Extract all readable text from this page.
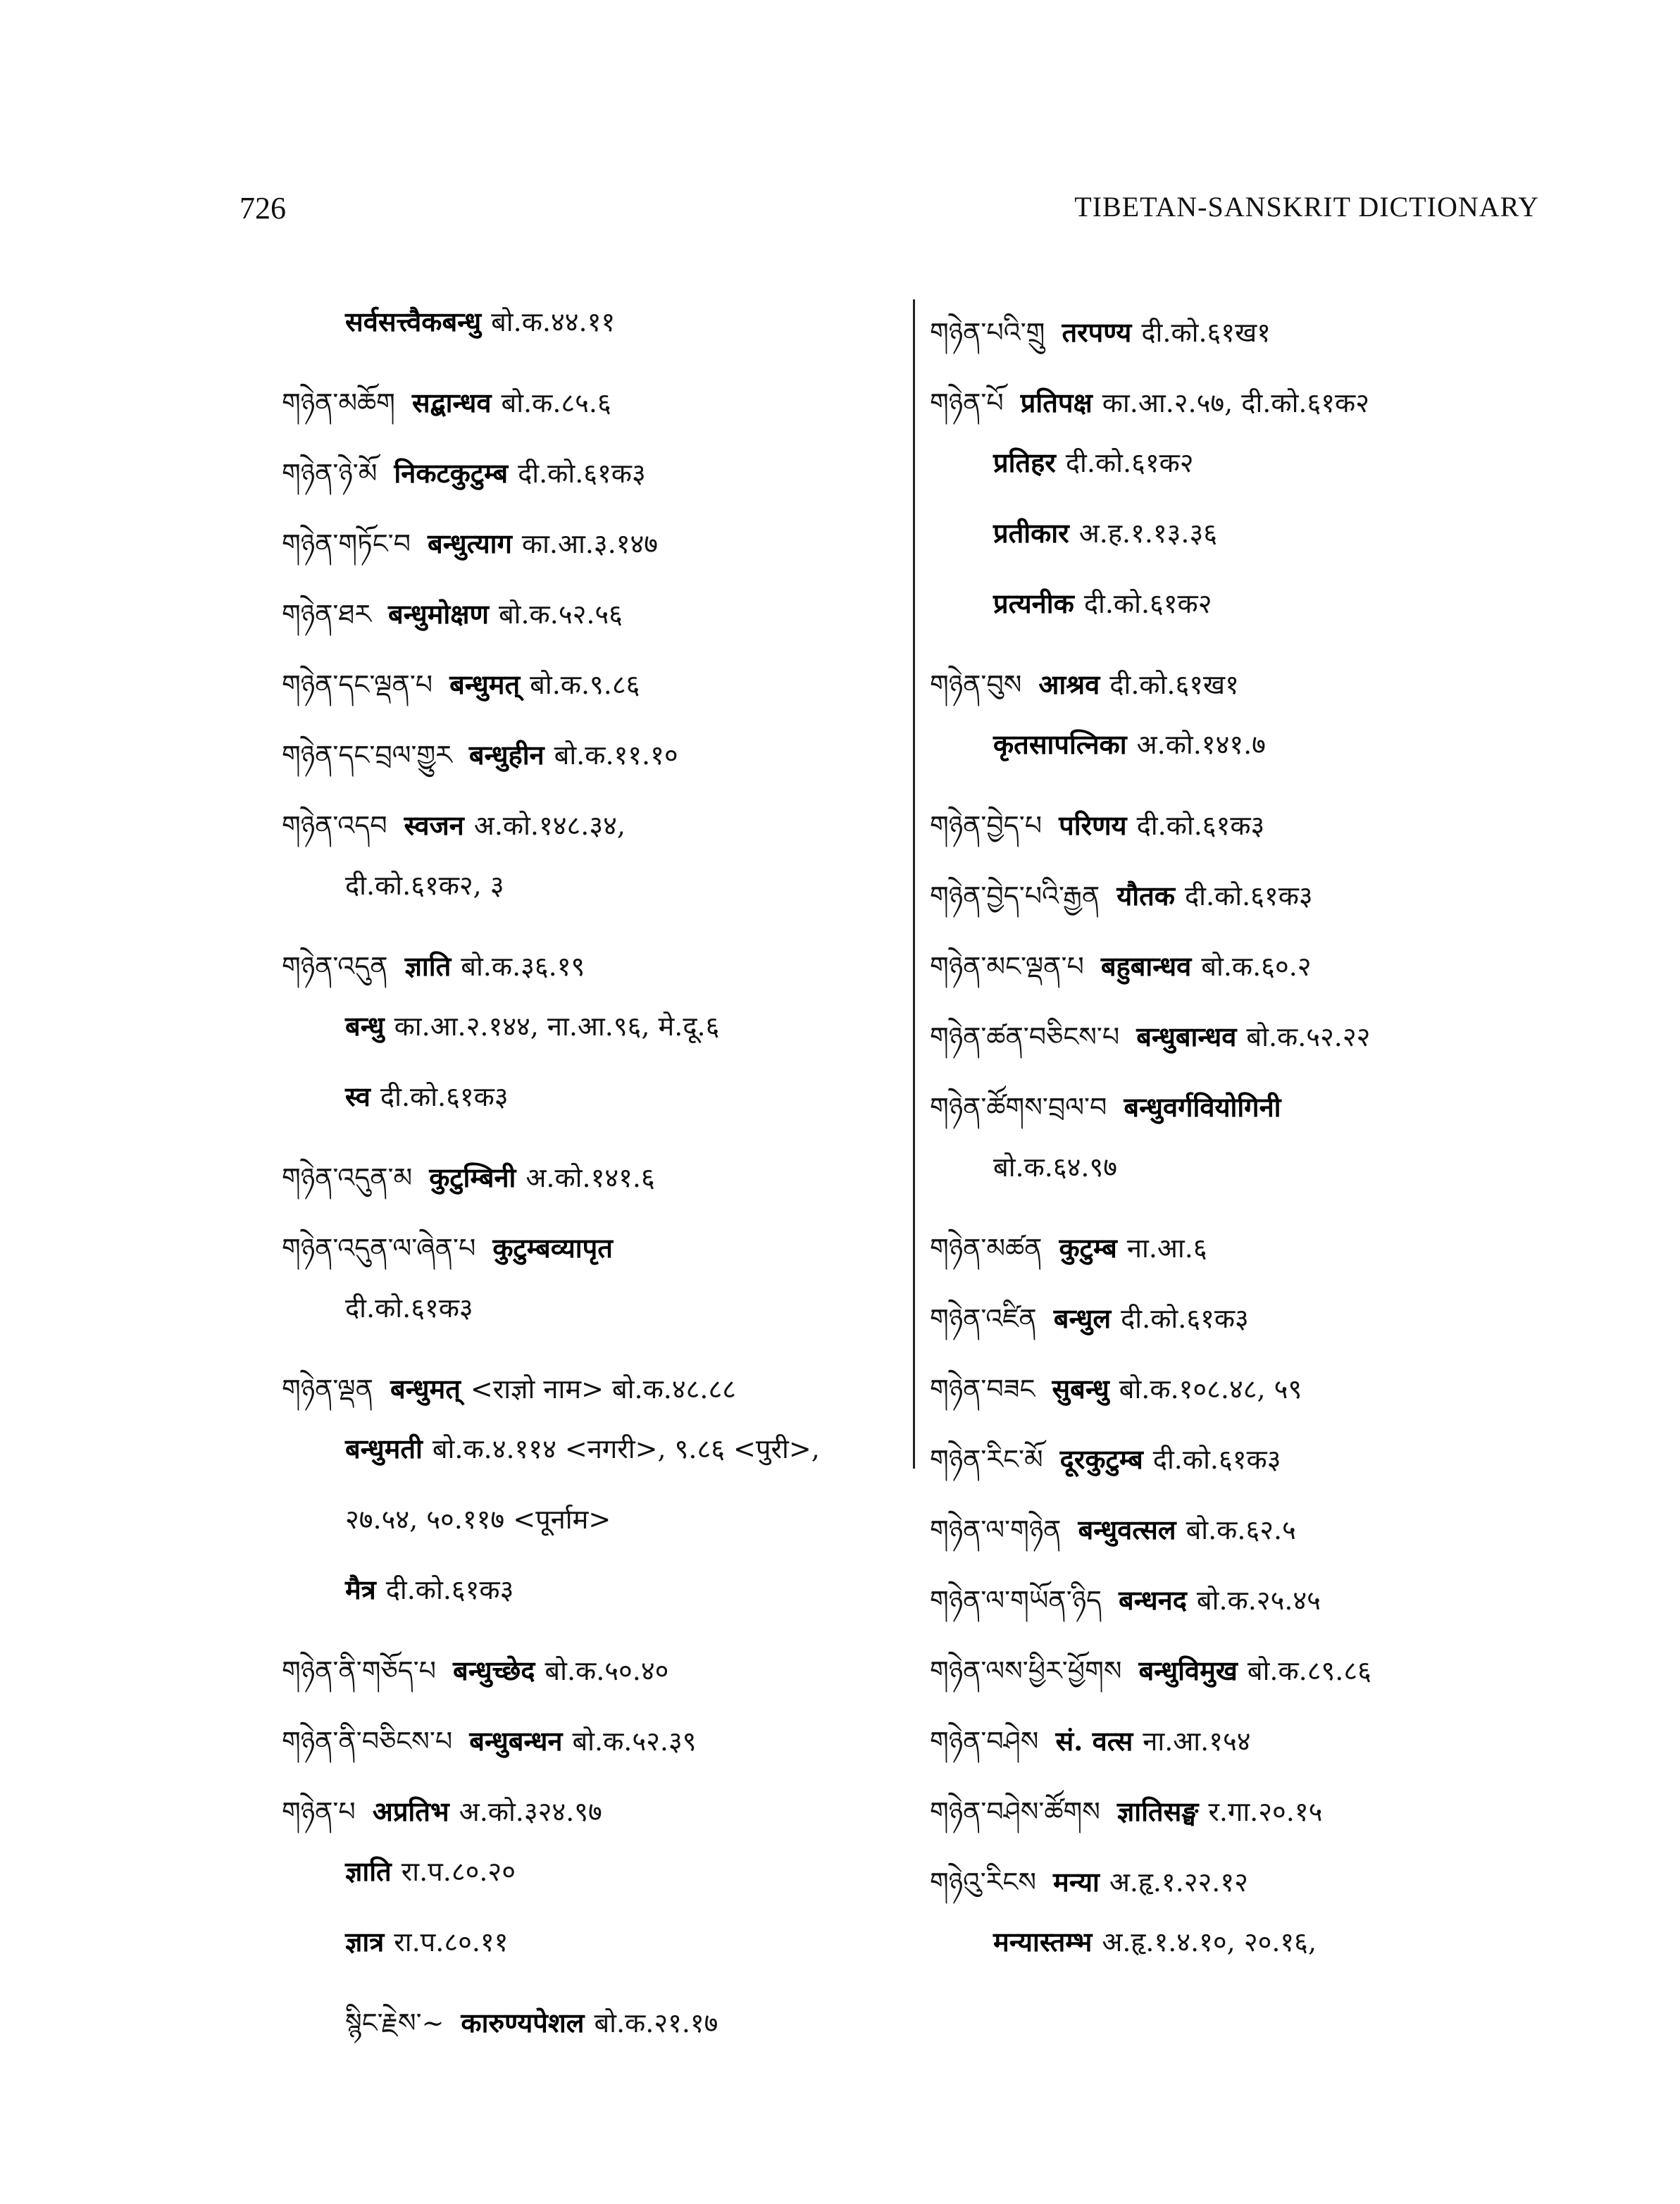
726	TIBETAN-SANSKRIT DICTIONARY
सर्वसत्त्वैकबन्धु बो.क.४४.११
གཉེན་མཆོག सद्बान्धव बो.क.८५.६
གཉེན་ཉེ་མོ निकटकुटुम्ब दी.को.६१क३
གཉེན་གཏོང་བ बन्धुत्याग का.आ.३.१४७
གཉེན་ཐར बन्धुमोक्षण बो.क.५२.५६
གཉེན་དང་ལྡན་པ बन्धुमत् बो.क.९.८६
གཉེན་དང་བྲལ་གྱུར बन्धुहीन बो.क.११.१०
གཉེན་འདབ स्वजन अ.को.१४८.३४,
दी.को.६१क२, ३
གཉེན་འདུན ज्ञाति बो.क.३६.१९
बन्धु का.आ.२.१४४, ना.आ.९६, मे.दू.६
स्व दी.को.६१क३
གཉེན་འདུན་མ कुटुम्बिनी अ.को.१४१.६
གཉེན་འདུན་ལ་ཞེན་པ कुटुम्बव्यापृत
दी.को.६१क३
གཉེན་ལྡན बन्धुमत् <राज्ञो नाम> बो.क.४८.८८
बन्धुमती बो.क.४.११४ <नगरी>, ९.८६ <पुरी>,
२७.५४, ५०.११७ <पूर्नाम>
मैत्र दी.को.६१क३
གཉེན་ནི་གཅོད་པ बन्धुच्छेद बो.क.५०.४०
གཉེན་ནི་བཅིངས་པ बन्धुबन्धन बो.क.५२.३९
གཉེན་པ अप्रतिभ अ.को.३२४.९७
ज्ञाति रा.प.८०.२०
ज्ञात्र रा.प.८०.११
སྙིང་རྗེས་~ कारुण्यपेशल बो.क.२१.१७
གཉེན་པའི་གྲུ तरपण्य दी.को.६१ख१
གཉེན་པོ प्रतिपक्ष का.आ.२.५७, दी.को.६१क२
प्रतिहर दी.को.६१क२
प्रतीकार अ.ह.१.१३.३६
प्रत्यनीक दी.को.६१क२
གཉེན་བུས आश्रव दी.को.६१ख१
कृतसापत्निका अ.को.१४१.७
གཉེན་བྱེད་པ परिणय दी.को.६१क३
གཉེན་བྱེད་པའི་རྒྱན यौतक दी.को.६१क३
གཉེན་མང་ལྡན་པ बहुबान्धव बो.क.६०.२
གཉེན་ཚན་བཅིངས་པ बन्धुबान्धव बो.क.५२.२२
གཉེན་ཚོགས་བྲལ་བ बन्धुवर्गवियोगिनी
बो.क.६४.९७
གཉེན་མཚན कुटुम्ब ना.आ.६
གཉེན་འཛིན बन्धुल दी.को.६१क३
གཉེན་བཟང सुबन्धु बो.क.१०८.४८, ५९
གཉེན་རིང་མོ दूरकुटुम्ब दी.को.६१क३
གཉེན་ལ་གཉེན बन्धुवत्सल बो.क.६२.५
གཉེན་ལ་གཡོན་ཉིད बन्धनद बो.क.२५.४५
གཉེན་ལས་ཕྱིར་ཕྱོགས बन्धुविमुख बो.क.८९.८६
གཉེན་བཤེས सं. वत्स ना.आ.१५४
གཉེན་བཤེས་ཚོགས ज्ञातिसङ्घ र.गा.२०.१५
གཉེའུ་རིངས मन्या अ.हृ.१.२२.१२
मन्यास्तम्भ अ.हृ.१.४.१०, २०.१६,
